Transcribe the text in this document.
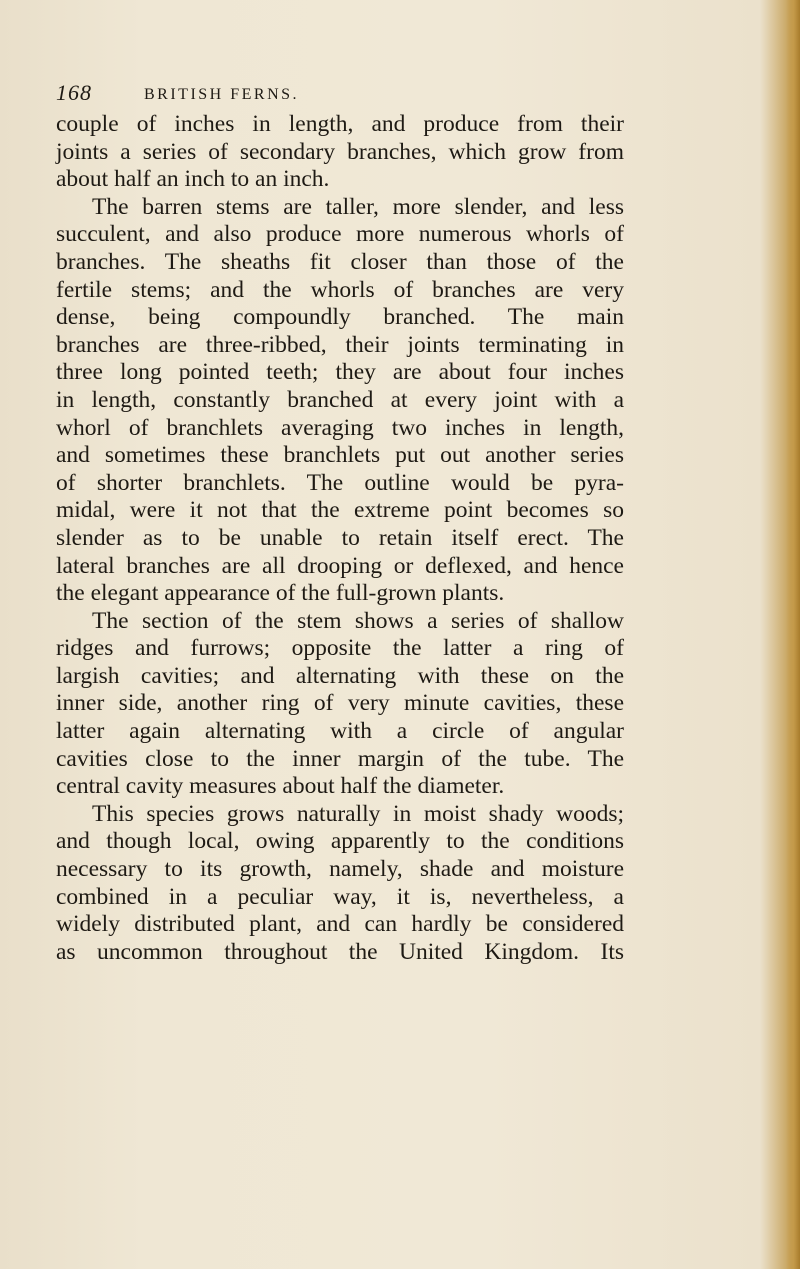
168	BRITISH FERNS.
couple of inches in length, and produce from their
joints a series of secondary branches, which grow from
about half an inch to an inch.
The barren stems are taller, more slender, and less
succulent, and also produce more numerous whorls of
branches. The sheaths fit closer than those of the
fertile stems; and the whorls of branches are very
dense, being compoundly branched. The main
branches are three-ribbed, their joints terminating in
three long pointed teeth; they are about four inches
in length, constantly branched at every joint with a
whorl of branchlets averaging two inches in length,
and sometimes these branchlets put out another series
of shorter branchlets. The outline would be pyra-
midal, were it not that the extreme point becomes so
slender as to be unable to retain itself erect. The
lateral branches are all drooping or deflexed, and hence
the elegant appearance of the full-grown plants.
The section of the stem shows a series of shallow
ridges and furrows; opposite the latter a ring of
largish cavities; and alternating with these on the
inner side, another ring of very minute cavities, these
latter again alternating with a circle of angular
cavities close to the inner margin of the tube. The
central cavity measures about half the diameter.
This species grows naturally in moist shady woods;
and though local, owing apparently to the conditions
necessary to its growth, namely, shade and moisture
combined in a peculiar way, it is, nevertheless, a
widely distributed plant, and can hardly be considered
as uncommon throughout the United Kingdom. Its
